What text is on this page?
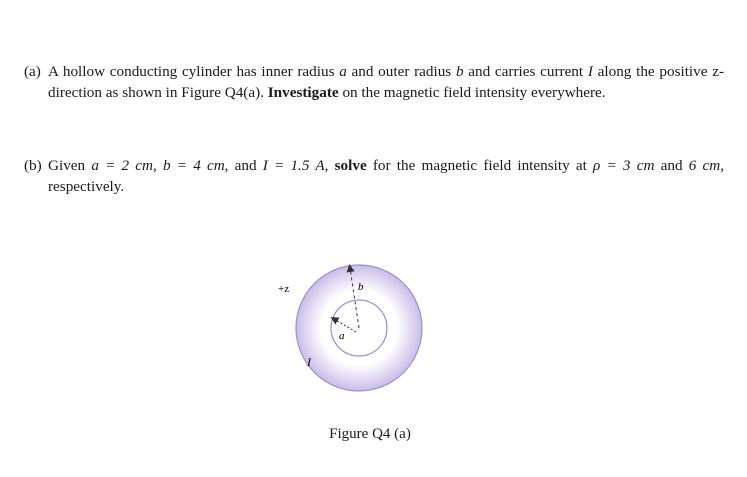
(a) A hollow conducting cylinder has inner radius a and outer radius b and carries current I along the positive z-direction as shown in Figure Q4(a). Investigate on the magnetic field intensity everywhere.
(b) Given a = 2 cm, b = 4 cm, and I = 1.5 A, solve for the magnetic field intensity at ρ = 3 cm and 6 cm, respectively.
+z	b
a
I
Figure Q4 (a)
